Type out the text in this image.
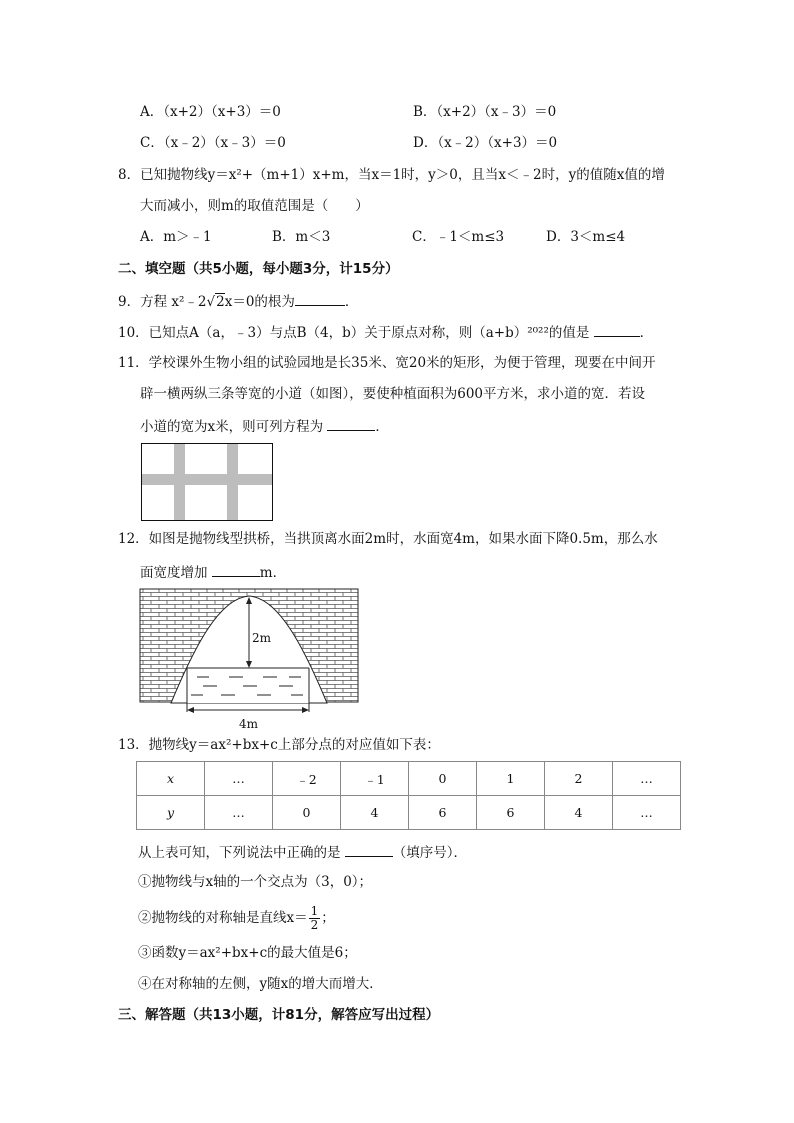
A．（x+2）（x+3）＝0	B．（x+2）（x﹣3）＝0
C．（x﹣2）（x﹣3）＝0	D．（x﹣2）（x+3）＝0
8．已知抛物线y＝x²+（m+1）x+m，当x＝1时，y＞0，且当x＜﹣2时，y的值随x值的增
大而减小，则m的取值范围是（　　）
A．m＞﹣1	B．m＜3	C．﹣1＜m≤3	D．3＜m≤4
二、填空题（共5小题，每小题3分，计15分）
9．方程 x²﹣2√2x＝0的根为	．
10．已知点A（a，﹣3）与点B（4，b）关于原点对称，则（a+b）²⁰²²的值是	．
11．学校课外生物小组的试验园地是长35米、宽20米的矩形，为便于管理，现要在中间开
辟一横两纵三条等宽的小道（如图），要使种植面积为600平方米，求小道的宽．若设
小道的宽为x米，则可列方程为	．
12．如图是抛物线型拱桥，当拱顶离水面2m时，水面宽4m，如果水面下降0.5m，那么水
面宽度增加	m．
2m
4m
13．抛物线y＝ax²+bx+c上部分点的对应值如下表：
x	…	﹣2	﹣1	0	1	2	…
y	…	0	4	6	6	4	…
从上表可知，下列说法中正确的是	（填序号）．
①抛物线与x轴的一个交点为（3，0）；
②抛物线的对称轴是直线$x= \frac{1}{2}$ ；
③函数y＝ax²+bx+c的最大值是6；
④在对称轴的左侧，y随x的增大而增大．
三、解答题（共13小题，计81分，解答应写出过程）
